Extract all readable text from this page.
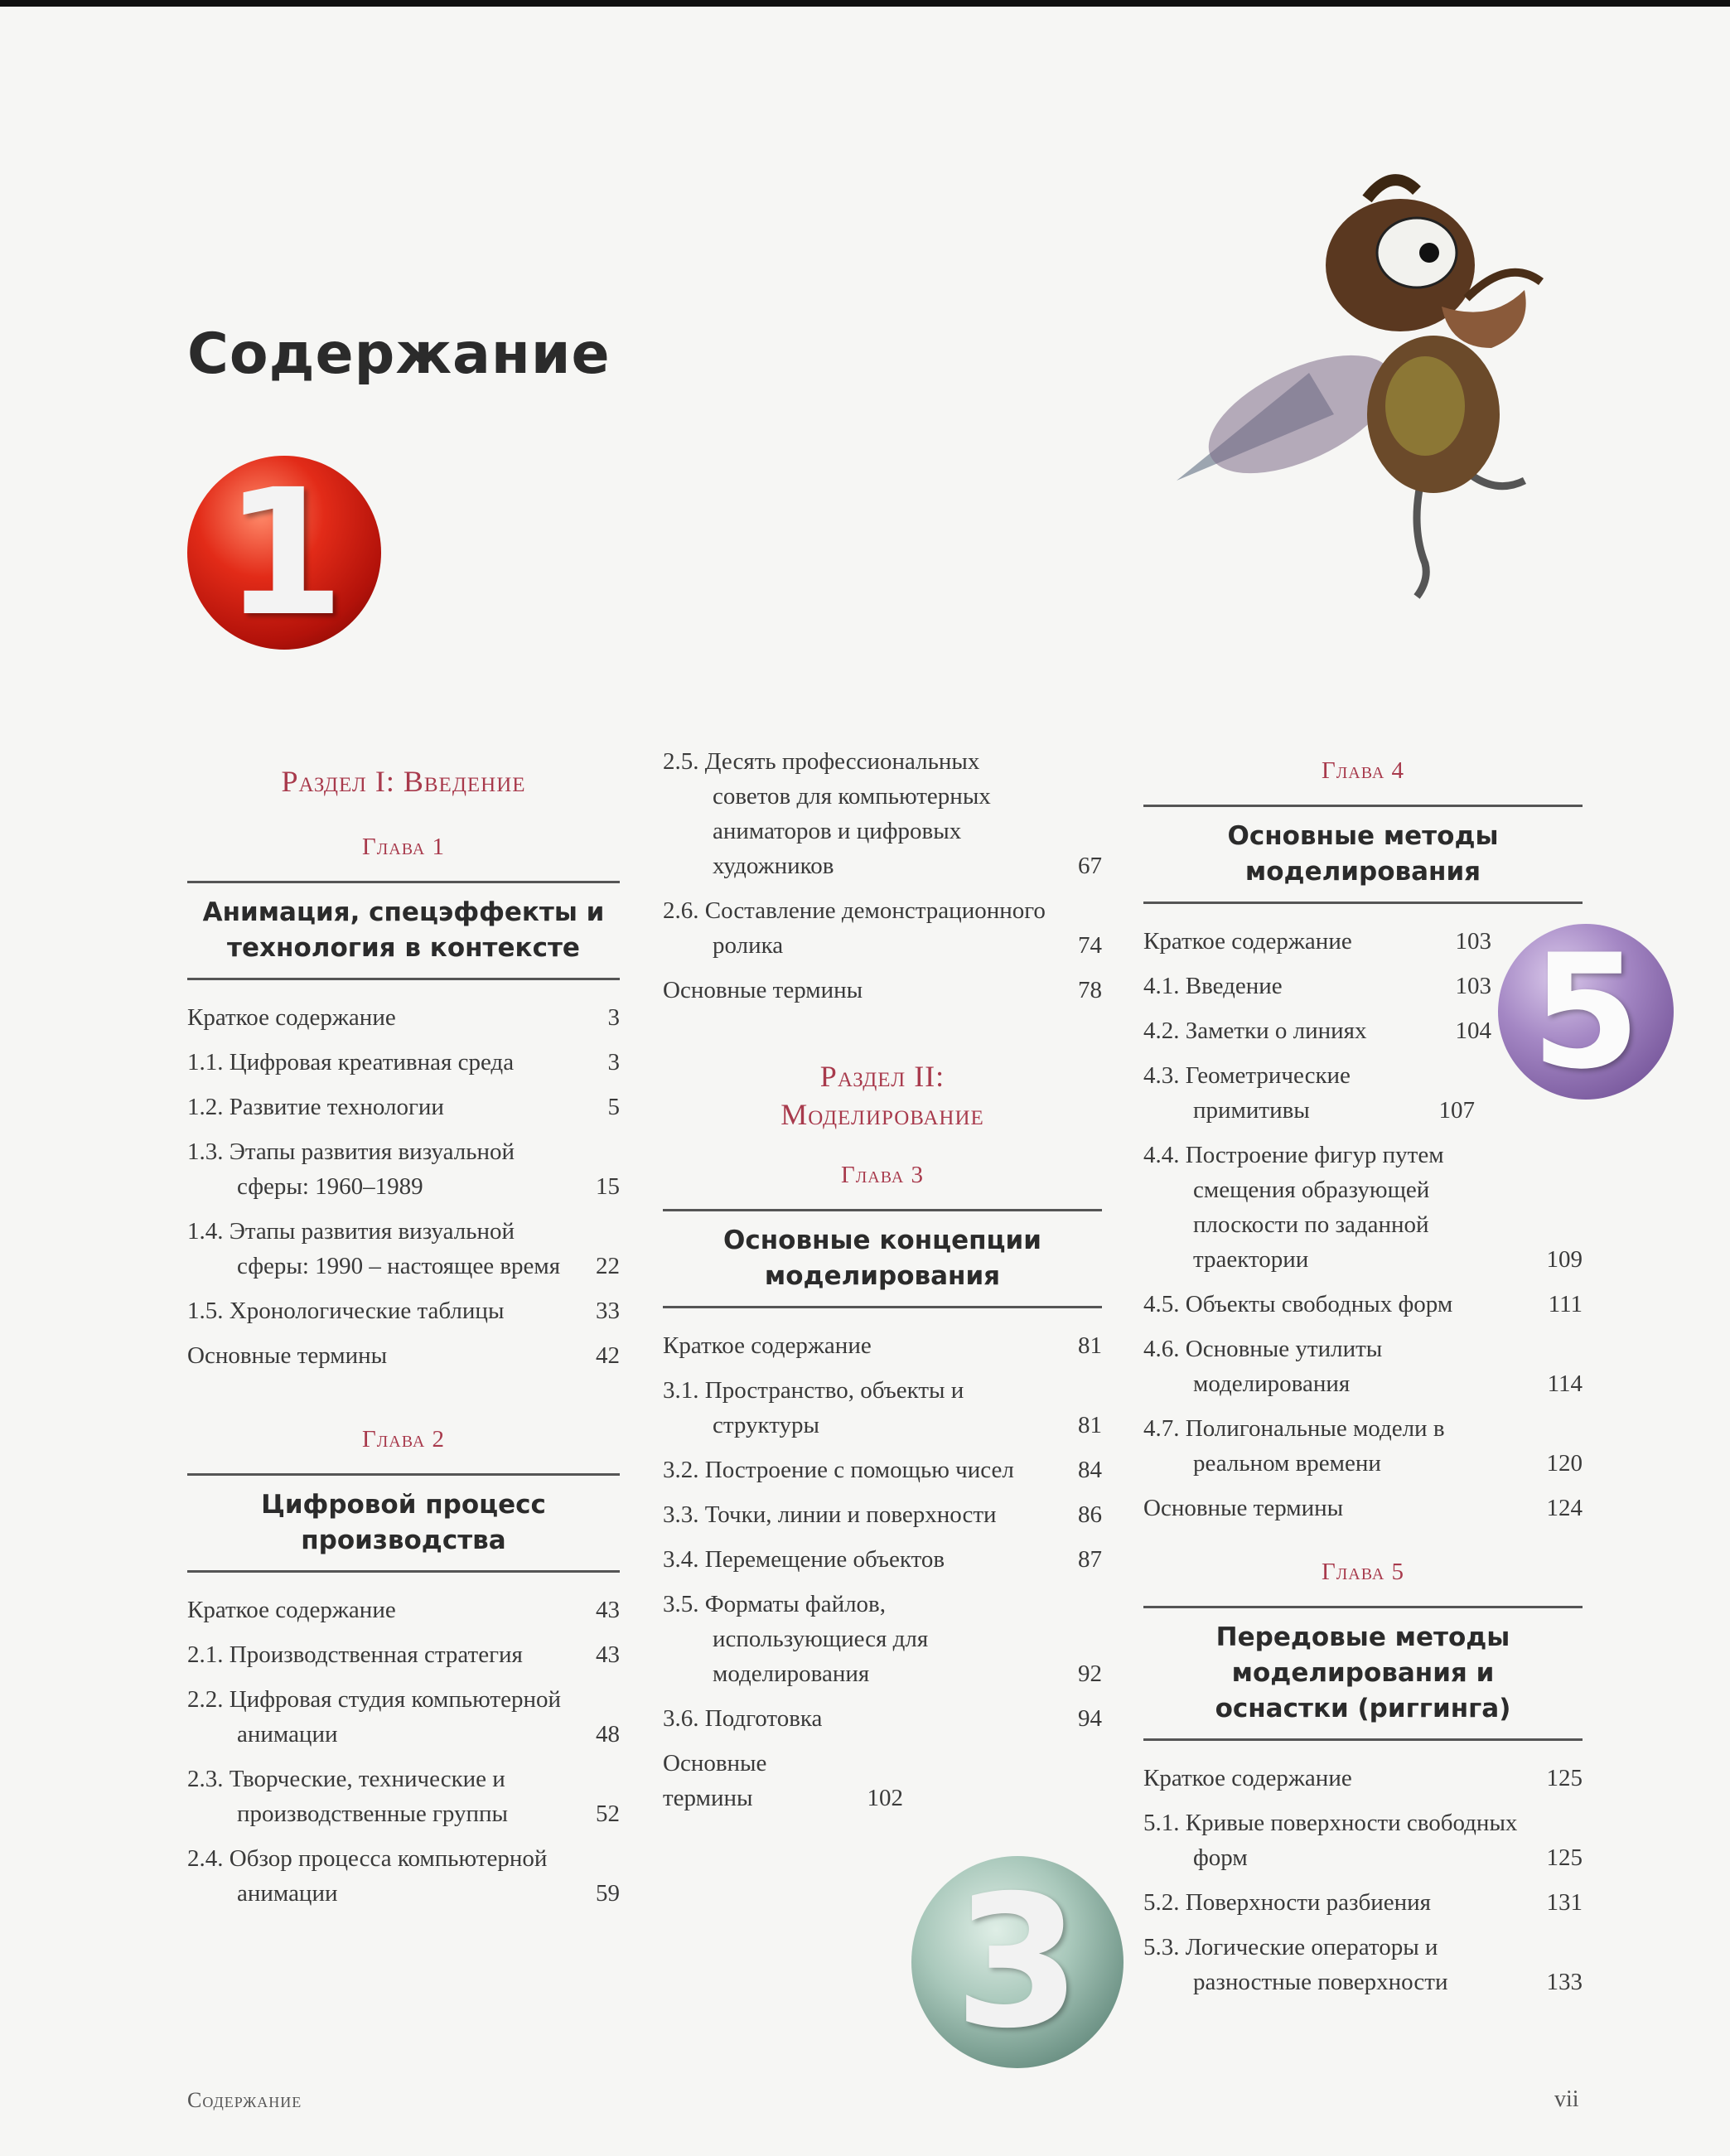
Содержание
1
5
3
Раздел I: Введение
Глава 1
Анимация, спецэффекты и технология в контексте
Краткое содержание	3
1.1. Цифровая креативная среда	3
1.2. Развитие технологии	5
1.3. Этапы развития визуальной сферы: 1960–1989	15
1.4. Этапы развития визуальной сферы: 1990 – настоящее время	22
1.5. Хронологические таблицы	33
Основные термины	42
Глава 2
Цифровой процесс производства
Краткое содержание	43
2.1. Производственная стратегия	43
2.2. Цифровая студия компьютерной анимации	48
2.3. Творческие, технические и производственные группы	52
2.4. Обзор процесса компьютерной анимации	59
2.5. Десять профессиональных советов для компьютерных аниматоров и цифровых художников	67
2.6. Составление демонстрационного ролика	74
Основные термины	78
Раздел II: Моделирование
Глава 3
Основные концепции моделирования
Краткое содержание	81
3.1. Пространство, объекты и структуры	81
3.2. Построение с помощью чисел	84
3.3. Точки, линии и поверхности	86
3.4. Перемещение объектов	87
3.5. Форматы файлов, использующиеся для моделирования	92
3.6. Подготовка	94
Основные термины	102
Глава 4
Основные методы моделирования
Краткое содержание	103
4.1. Введение	103
4.2. Заметки о линиях	104
4.3. Геометрические примитивы	107
4.4. Построение фигур путем смещения образующей плоскости по заданной траектории	109
4.5. Объекты свободных форм	111
4.6. Основные утилиты моделирования	114
4.7. Полигональные модели в реальном времени	120
Основные термины	124
Глава 5
Передовые методы моделирования и оснастки (риггинга)
Краткое содержание	125
5.1. Кривые поверхности свободных форм	125
5.2. Поверхности разбиения	131
5.3. Логические операторы и разностные поверхности	133
Содержание	vii
